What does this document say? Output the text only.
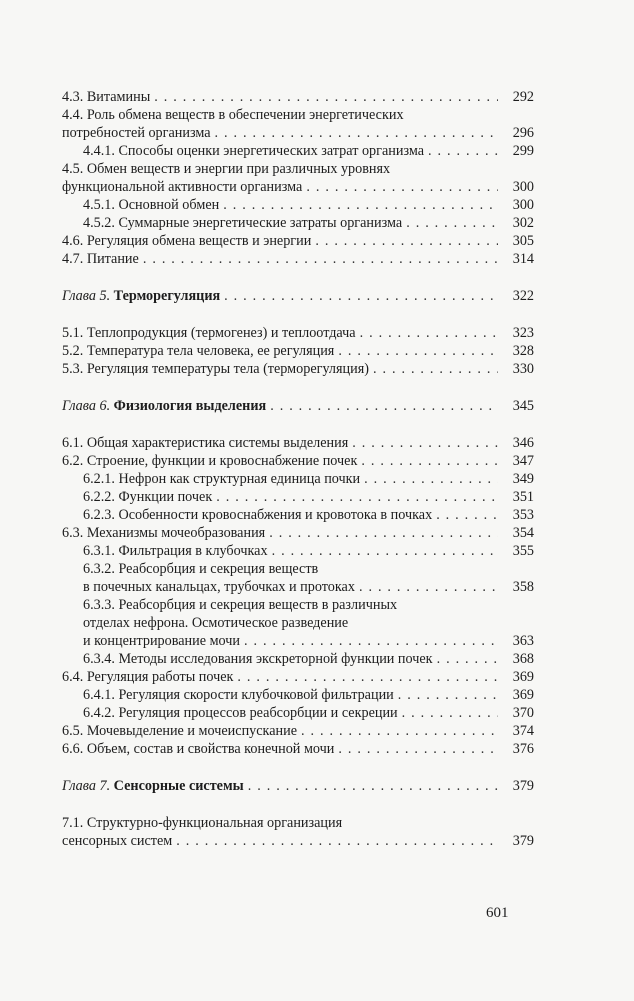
4.3. Витамины . . .	292
4.4. Роль обмена веществ в обеспечении энергетических
потребностей организма . . .	296
4.4.1. Способы оценки энергетических затрат организма . . .	299
4.5. Обмен веществ и энергии при различных уровнях
функциональной активности организма . . .	300
4.5.1. Основной обмен . . .	300
4.5.2. Суммарные энергетические затраты организма . . .	302
4.6. Регуляция обмена веществ и энергии . . .	305
4.7. Питание . . .	314
Глава 5. Терморегуляция . . .	322
5.1. Теплопродукция (термогенез) и теплоотдача . . .	323
5.2. Температура тела человека, ее регуляция . . .	328
5.3. Регуляция температуры тела (терморегуляция) . . .	330
Глава 6. Физиология выделения . . .	345
6.1. Общая характеристика системы выделения . . .	346
6.2. Строение, функции и кровоснабжение почек . . .	347
6.2.1. Нефрон как структурная единица почки . . .	349
6.2.2. Функции почек . . .	351
6.2.3. Особенности кровоснабжения и кровотока в почках . . .	353
6.3. Механизмы мочеобразования . . .	354
6.3.1. Фильтрация в клубочках . . .	355
6.3.2. Реабсорбция и секреция веществ
в почечных канальцах, трубочках и протоках . . .	358
6.3.3. Реабсорбция и секреция веществ в различных
отделах нефрона. Осмотическое разведение
и концентрирование мочи . . .	363
6.3.4. Методы исследования экскреторной функции почек . . .	368
6.4. Регуляция работы почек . . .	369
6.4.1. Регуляция скорости клубочковой фильтрации . . .	369
6.4.2. Регуляция процессов реабсорбции и секреции . . .	370
6.5. Мочевыделение и мочеиспускание . . .	374
6.6. Объем, состав и свойства конечной мочи . . .	376
Глава 7. Сенсорные системы . . .	379
7.1. Структурно-функциональная организация
сенсорных систем . . .	379
601
